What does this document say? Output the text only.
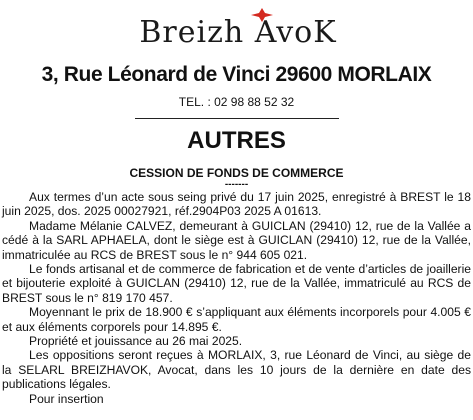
Breizh AvoK
3, Rue Léonard de Vinci 29600 MORLAIX
TEL. : 02 98 88 52 32
AUTRES
CESSION DE FONDS DE COMMERCE
-------

Aux termes d’un acte sous seing privé du 17 juin 2025, enregistré à BREST le 18 juin 2025, dos. 2025 00027921, réf.2904P03 2025 A 01613.

Madame Mélanie CALVEZ, demeurant à GUICLAN (29410) 12, rue de la Vallée a cédé à la SARL APHAELA, dont le siège est à GUICLAN (29410) 12, rue de la Vallée, immatriculée au RCS de BREST sous le n° 944 605 021.

Le fonds artisanal et de commerce de fabrication et de vente d’articles de joaillerie et bijouterie exploité à GUICLAN (29410) 12, rue de la Vallée, immatriculé au RCS de BREST sous le n° 819 170 457.

Moyennant le prix de 18.900 € s’appliquant aux éléments incorporels pour 4.005 € et aux éléments corporels pour 14.895 €.

Propriété et jouissance au 26 mai 2025.

Les oppositions seront reçues à MORLAIX, 3, rue Léonard de Vinci, au siège de la SELARL BREIZHAVOK, Avocat, dans les 10 jours de la dernière en date des publications légales.

Pour insertion
